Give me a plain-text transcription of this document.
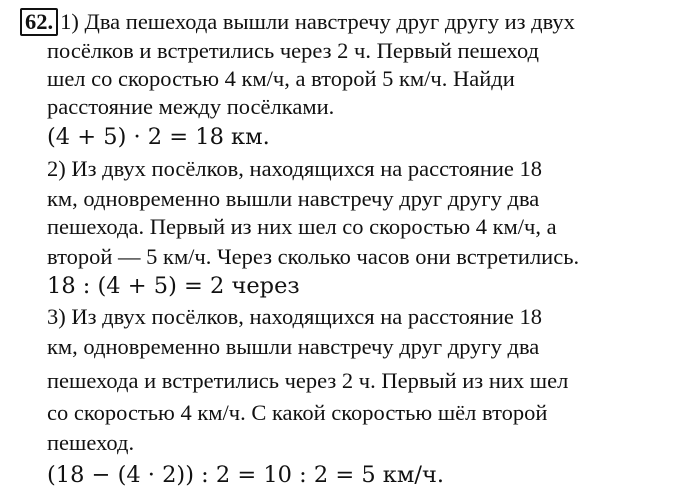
62. 1) Два пешехода вышли навстречу друг другу из двух
посёлков и встретились через 2 ч. Первый пешеход
шел со скоростью 4 км/ч, а второй 5 км/ч. Найди
расстояние между посёлками.
(4 + 5) · 2 = 18 км.
2) Из двух посёлков, находящихся на расстояние 18
км, одновременно вышли навстречу друг другу два
пешехода. Первый из них шел со скоростью 4 км/ч, а
второй — 5 км/ч. Через сколько часов они встретились.
18 : (4 + 5) = 2 через
3) Из двух посёлков, находящихся на расстояние 18
км, одновременно вышли навстречу друг другу два
пешехода и встретились через 2 ч. Первый из них шел
со скоростью 4 км/ч. С какой скоростью шёл второй
пешеход.
(18 − (4 · 2)) : 2 = 10 : 2 = 5 км/ч.
